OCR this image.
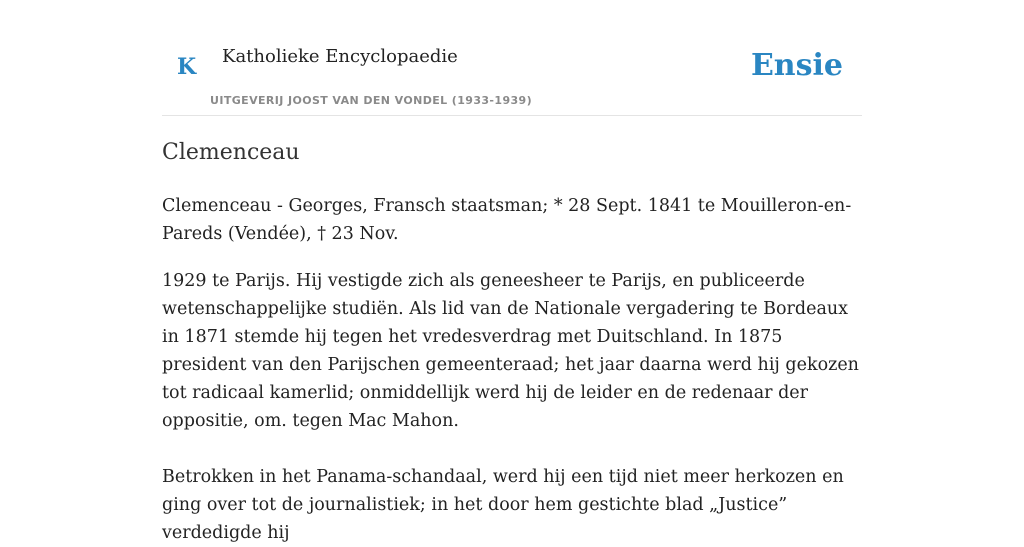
K Katholieke Encyclopaedie
UITGEVERIJ JOOST VAN DEN VONDEL (1933-1939)
Ensie
Clemenceau

Clemenceau - Georges, Fransch staatsman; * 28 Sept. 1841 te Mouilleron-en-Pareds (Vendée), † 23 Nov.

1929 te Parijs. Hij vestigde zich als geneesheer te Parijs, en publiceerde wetenschappelijke studiën. Als lid van de Nationale vergadering te Bordeaux in 1871 stemde hij tegen het vredesverdrag met Duitschland. In 1875 president van den Parijschen gemeenteraad; het jaar daarna werd hij gekozen tot radicaal kamerlid; onmiddellijk werd hij de leider en de redenaar der oppositie, om. tegen Mac Mahon.

Betrokken in het Panama-schandaal, werd hij een tijd niet meer herkozen en ging over tot de journalistiek; in het door hem gestichte blad „Justice” verdedigde hij
